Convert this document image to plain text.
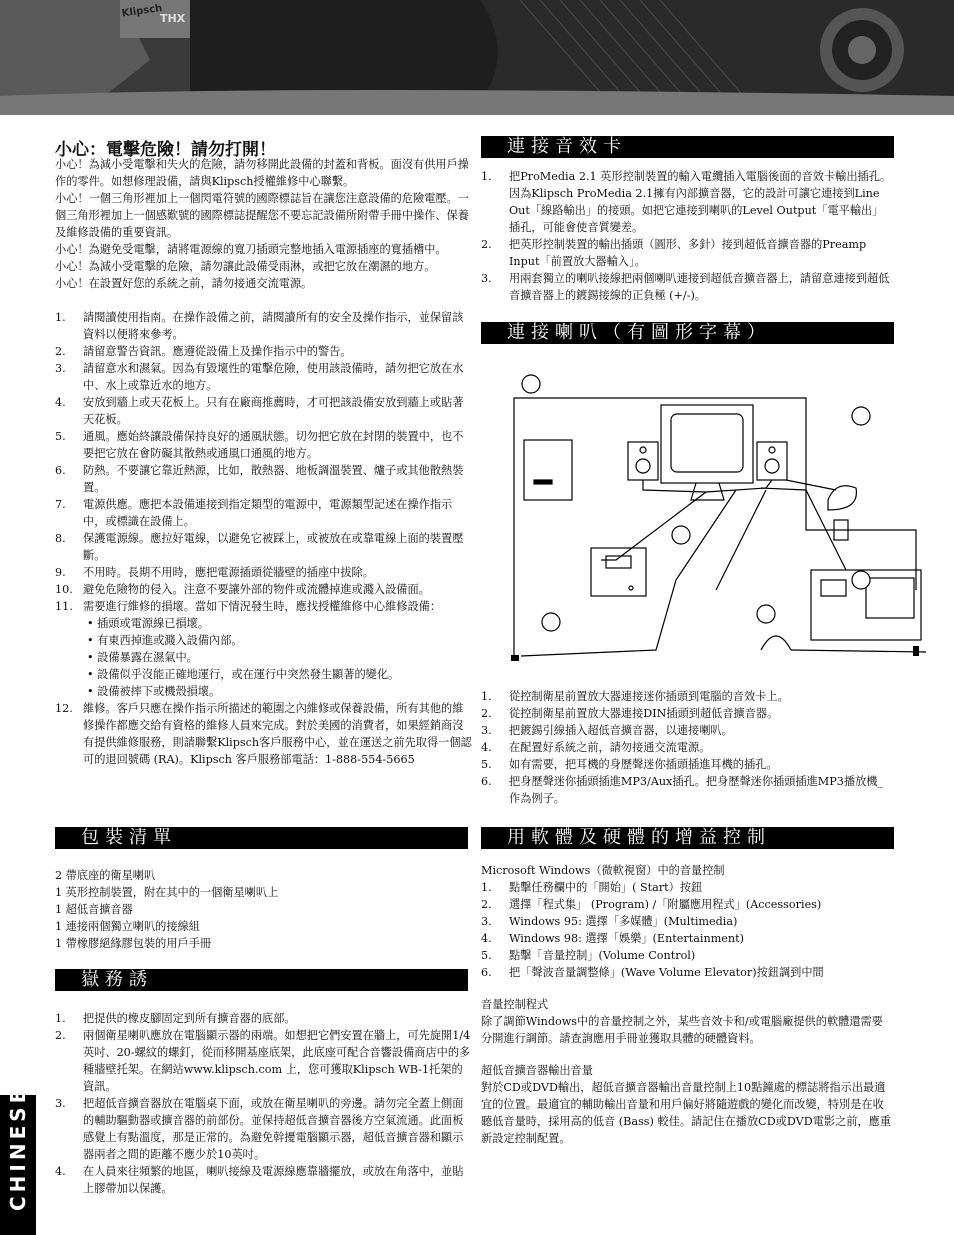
Klipsch
THX
CHINESE
小心：電擊危險！請勿打開！

小心！為減小受電擊和失火的危險，請勿移開此設備的封蓋和背板。面沒有供用戶操作的零件。如想修理設備，請與Klipsch授權維修中心聯繫。

小心！一個三角形裡加上一個閃電符號的國際標誌旨在讓您注意設備的危險電壓。一個三角形裡加上一個感歎號的國際標誌提醒您不要忘記設備所附帶手冊中操作、保養及維修設備的重要資訊。

小心！為避免受電擊，請將電源線的寬刀插頭完整地插入電源插座的寬插槽中。

小心！為減小受電擊的危險，請勿讓此設備受雨淋，或把它放在潮濕的地方。

小心！在設置好您的系統之前，請勿接通交流電源。

1. 請閱讀使用指南。在操作設備之前，請閱讀所有的安全及操作指示，並保留該資料以便將來參考。
2. 請留意警告資訊。應遵從設備上及操作指示中的警告。
3. 請留意水和濕氣。因為有毀壞性的電擊危險，使用該設備時，請勿把它放在水中、水上或靠近水的地方。
4. 安放到牆上或天花板上。只有在廠商推薦時，才可把該設備安放到牆上或貼著天花板。
5. 通風。應始終讓設備保持良好的通風狀態。切勿把它放在封閉的裝置中，也不要把它放在會防礙其散熱或通風口通風的地方。
6. 防熱。不要讓它靠近熱源，比如，散熱器、地板調溫裝置、爐子或其他散熱裝置。
7. 電源供應。應把本設備連接到指定類型的電源中，電源類型記述在操作指示中，或標識在設備上。
8. 保護電源線。應拉好電線，以避免它被踩上，或被放在或靠電線上面的裝置壓斷。
9. 不用時。長期不用時，應把電源插頭從牆壁的插座中拔除。
10. 避免危險物的侵入。注意不要讓外部的物件或流體掉進或濺入設備面。
11. 需要進行維修的損壞。當如下情況發生時，應找授權維修中心維修設備：
• 插頭或電源線已損壞。
• 有東西掉進或濺入設備內部。
• 設備暴露在濕氣中。
• 設備似乎沒能正確地運行，或在運行中突然發生顯著的變化。
• 設備被摔下或機殼損壞。
12. 維修。客戶只應在操作指示所描述的範圍之內維修或保養設備，所有其他的維修操作都應交給有資格的維修人員來完成。對於美國的消費者，如果經銷商沒有提供維修服務，則請聯繫Klipsch客戶服務中心，並在運送之前先取得一個認可的退回號碼 (RA)。Klipsch 客戶服務部電話：1-888-554-5665
包裝清單
2 帶底座的衛星喇叭
1 英形控制裝置，附在其中的一個衛星喇叭上
1 超低音擴音器
1 連接兩個獨立喇叭的接線組
1 帶橡膠絕緣膠包裝的用戶手冊
嶽務誘
1. 把提供的橡皮腳固定到所有擴音器的底部。
2. 兩個衛星喇叭應放在電腦顯示器的兩端。如想把它們安置在牆上，可先旋開1/4英吋、20-螺紋的螺釘，從而移開基座底架，此底座可配合音響設備商店中的多種牆壁托架。在網站www.klipsch.com 上，您可獲取Klipsch WB-1托架的資訊。
3. 把超低音擴音器放在電腦桌下面，或放在衛星喇叭的旁邊。請勿完全蓋上側面的輔助驅動器或擴音器的前部份。並保持超低音擴音器後方空氣流通。此面板感覺上有點溫度，那是正常的。為避免幹擾電腦顯示器，超低音擴音器和顯示器兩者之間的距離不應少於10英吋。
4. 在人員來往頻繁的地區，喇叭接線及電源線應靠牆擺放，或放在角落中，並貼上膠帶加以保護。
連接音效卡
1. 把ProMedia 2.1 英形控制裝置的輸入電纜插入電腦後面的音效卡輸出插孔。因為Klipsch ProMedia 2.1擁有內部擴音器，它的設計可讓它連接到Line Out「線路輸出」的接頭。如把它連接到喇叭的Level Output「電平輸出」插孔，可能會使音質變差。
2. 把英形控制裝置的輸出插頭（圓形、多針）接到超低音擴音器的Preamp Input「前置放大器輸入」。
3. 用兩套獨立的喇叭接線把兩個喇叭連接到超低音擴音器上，請留意連接到超低音擴音器上的鍍錫接線的正負極 (+/-)。
連接喇叭（有圖形字幕）
1. 從控制衛星前置放大器連接迷你插頭到電腦的音效卡上。
2. 從控制衛星前置放大器連接DIN插頭到超低音擴音器。
3. 把鍍錫引線插入超低音擴音器，以連接喇叭。
4. 在配置好系統之前，請勿接通交流電源。
5. 如有需要，把耳機的身歷聲迷你插頭插進耳機的插孔。
6. 把身歷聲迷你插頭插進MP3/Aux插孔。把身歷聲迷你插頭插進MP3播放機_作為例子。
用軟體及硬體的增益控制
Microsoft Windows（微軟視窗）中的音量控制
1. 點擊任務欄中的「開始」( Start）按鈕
2. 選擇「程式集」 (Program) /「附屬應用程式」(Accessories)
3. Windows 95: 選擇「多媒體」(Multimedia)
4. Windows 98: 選擇「娛樂」(Entertainment)
5. 點擊「音量控制」(Volume Control)
6. 把「聲波音量調整條」(Wave Volume Elevator)按鈕調到中間
音量控制程式
除了調節Windows中的音量控制之外，某些音效卡和/或電腦廠提供的軟體還需要分開進行調節。請查詢應用手冊並獲取具體的硬體資料。
超低音擴音器輸出音量
對於CD或DVD輸出，超低音擴音器輸出音量控制上10點鐘處的標誌將指示出最適宜的位置。最適宜的輔助輸出音量和用戶偏好將隨遊戲的變化而改變，特別是在收聽低音量時，採用高的低音 (Bass) 較佳。請記住在播放CD或DVD電影之前，應重新設定控制配置。
